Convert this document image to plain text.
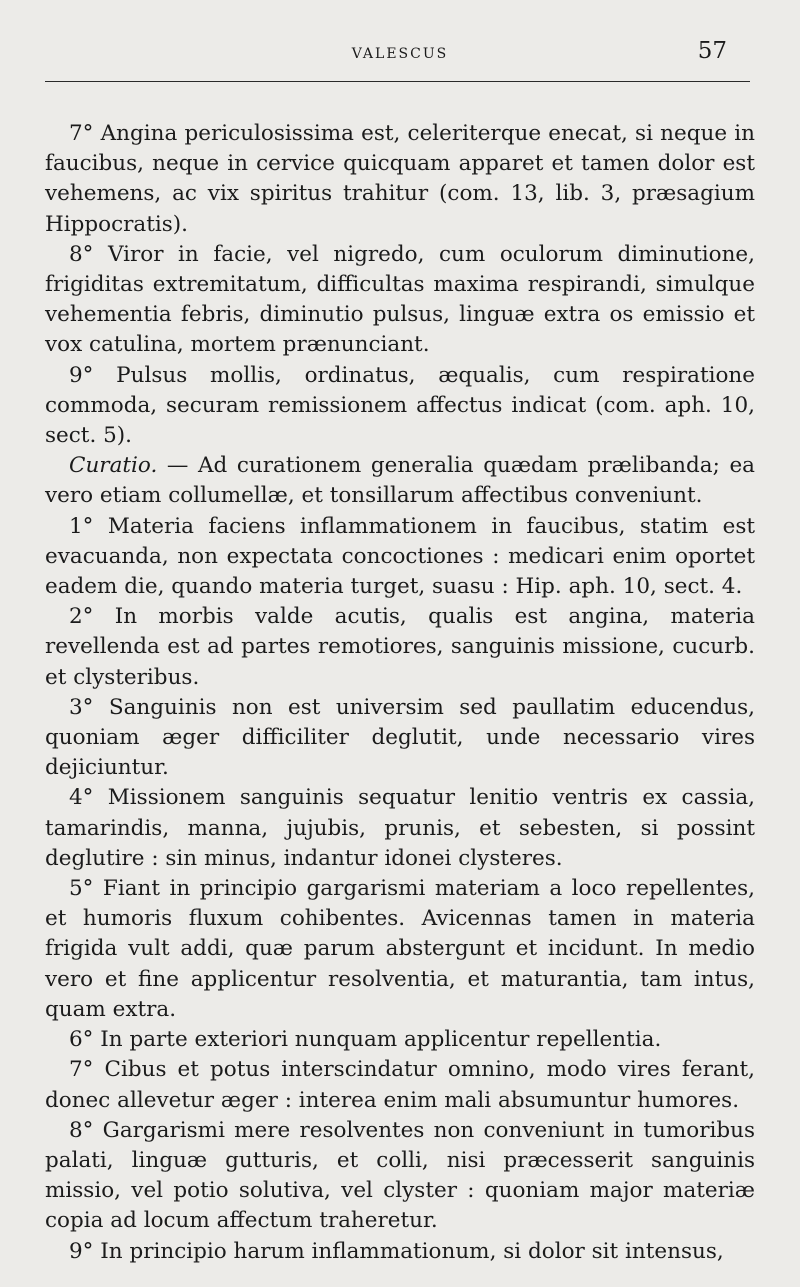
VALESCUS	57

7° Angina periculosissima est, celeriterque enecat, si neque in faucibus, neque in cervice quicquam apparet et tamen dolor est vehemens, ac vix spiritus trahitur (com. 13, lib. 3, præsagium Hippocratis).

8° Viror in facie, vel nigredo, cum oculorum diminutione, frigiditas extremitatum, difficultas maxima respirandi, simulque vehementia febris, diminutio pulsus, linguæ extra os emissio et vox catulina, mortem prænunciant.

9° Pulsus mollis, ordinatus, æqualis, cum respiratione commoda, securam remissionem affectus indicat (com. aph. 10, sect. 5).

Curatio. — Ad curationem generalia quædam prælibanda; ea vero etiam collumellæ, et tonsillarum affectibus conveniunt.

1° Materia faciens inflammationem in faucibus, statim est evacuanda, non expectata concoctiones : medicari enim oportet eadem die, quando materia turget, suasu : Hip. aph. 10, sect. 4.

2° In morbis valde acutis, qualis est angina, materia revellenda est ad partes remotiores, sanguinis missione, cucurb. et clysteribus.

3° Sanguinis non est universim sed paullatim educendus, quoniam æger difficiliter deglutit, unde necessario vires dejiciuntur.

4° Missionem sanguinis sequatur lenitio ventris ex cassia, tamarindis, manna, jujubis, prunis, et sebesten, si possint deglutire : sin minus, indantur idonei clysteres.

5° Fiant in principio gargarismi materiam a loco repellentes, et humoris fluxum cohibentes. Avicennas tamen in materia frigida vult addi, quæ parum abstergunt et incidunt. In medio vero et fine applicentur resolventia, et maturantia, tam intus, quam extra.

6° In parte exteriori nunquam applicentur repellentia.

7° Cibus et potus interscindatur omnino, modo vires ferant, donec allevetur æger : interea enim mali absumuntur humores.

8° Gargarismi mere resolventes non conveniunt in tumoribus palati, linguæ gutturis, et colli, nisi præcesserit sanguinis missio, vel potio solutiva, vel clyster : quoniam major materiæ copia ad locum affectum traheretur.

9° In principio harum inflammationum, si dolor sit intensus,
